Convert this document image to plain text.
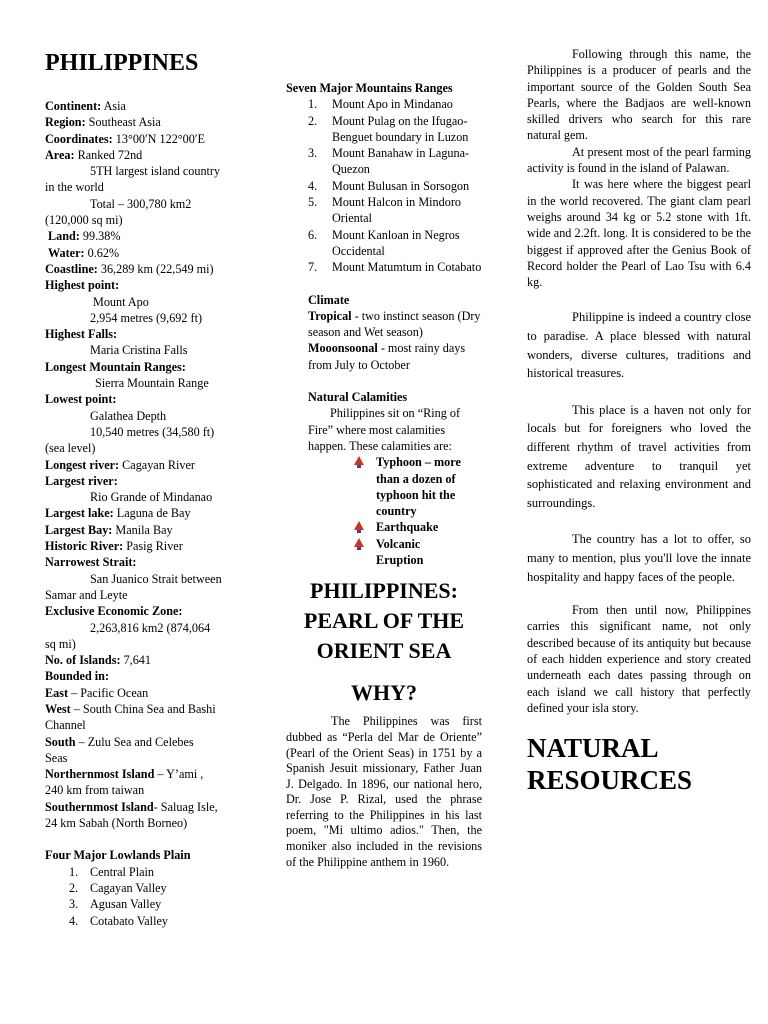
PHILIPPINES
Continent: Asia
Region: Southeast Asia
Coordinates: 13°00′N 122°00′E
Area: Ranked 72nd
5TH largest island country
in the world
Total – 300,780 km2
(120,000 sq mi)
Land: 99.38%
Water: 0.62%
Coastline: 36,289 km (22,549 mi)
Highest point:
Mount Apo
2,954 metres (9,692 ft)
Highest Falls:
Maria Cristina Falls
Longest Mountain Ranges:
Sierra Mountain Range
Lowest point:
Galathea Depth
10,540 metres (34,580 ft)
(sea level)
Longest river: Cagayan River
Largest river:
Rio Grande of Mindanao
Largest lake: Laguna de Bay
Largest Bay: Manila Bay
Historic River: Pasig River
Narrowest Strait:
San Juanico Strait between
Samar and Leyte
Exclusive Economic Zone:
2,263,816 km2 (874,064
sq mi)
No. of Islands: 7,641
Bounded in:
East – Pacific Ocean
West – South China Sea and Bashi
Channel
South – Zulu Sea and Celebes
Seas
Northernmost Island – Y’ami ,
240 km from taiwan
Southernmost Island- Saluag Isle,
24 km Sabah (North Borneo)
Four Major Lowlands Plain
1. Central Plain
2. Cagayan Valley
3. Agusan Valley
4. Cotabato Valley
Seven Major Mountains Ranges
1. Mount Apo in Mindanao
2. Mount Pulag on the Ifugao-Benguet boundary in Luzon
3. Mount Banahaw in Laguna-Quezon
4. Mount Bulusan in Sorsogon
5. Mount Halcon in Mindoro Oriental
6. Mount Kanloan in Negros Occidental
7. Mount Matumtum in Cotabato
Climate
Tropical - two instinct season (Dry season and Wet season)
Mooonsoonal - most rainy days from July to October
Natural Calamities
Philippines sit on “Ring of Fire” where most calamities happen. These calamities are:
Typhoon – more than a dozen of typhoon hit the country
Earthquake
Volcanic Eruption
PHILIPPINES: PEARL OF THE ORIENT SEA
WHY?

The Philippines was first dubbed as “Perla del Mar de Oriente” (Pearl of the Orient Seas) in 1751 by a Spanish Jesuit missionary, Father Juan J. Delgado. In 1896, our national hero, Dr. Jose P. Rizal, used the phrase referring to the Philippines in his last poem, "Mi ultimo adios." Then, the moniker also included in the revisions of the Philippine anthem in 1960.

Following through this name, the Philippines is a producer of pearls and the important source of the Golden South Sea Pearls, where the Badjaos are well-known skilled drivers who search for this rare natural gem.

At present most of the pearl farming activity is found in the island of Palawan.

It was here where the biggest pearl in the world recovered. The giant clam pearl weighs around 34 kg or 5.2 stone with 1ft. wide and 2.2ft. long. It is considered to be the biggest if approved after the Genius Book of Record holder the Pearl of Lao Tsu with 6.4 kg.

Philippine is indeed a country close to paradise. A place blessed with natural wonders, diverse cultures, traditions and historical treasures.

This place is a haven not only for locals but for foreigners who loved the different rhythm of travel activities from extreme adventure to tranquil yet sophisticated and relaxing environment and surroundings.

The country has a lot to offer, so many to mention, plus you'll love the innate hospitality and happy faces of the people.

From then until now, Philippines carries this significant name, not only described because of its antiquity but because of each hidden experience and story created underneath each dates passing through on each island we call history that perfectly defined your isla story.

NATURAL RESOURCES
